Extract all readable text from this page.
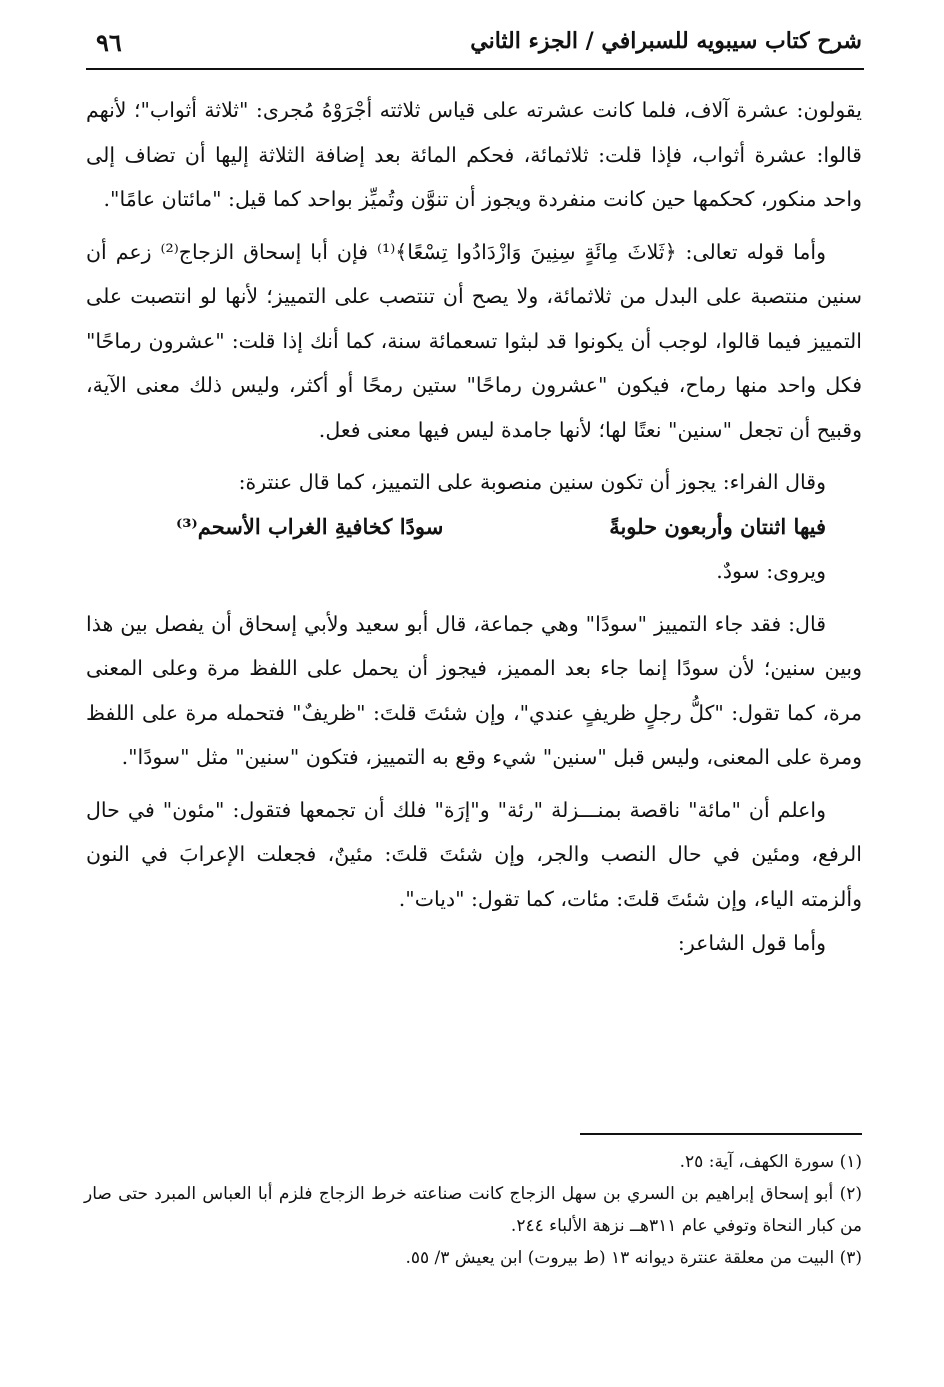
شرح كتاب سيبويه للسبرافي / الجزء الثاني
٩٦

يقولون: عشرة آلاف، فلما كانت عشرته على قياس ثلاثته أجْرَوْهُ مُجرى: "ثلاثة أثواب"؛ لأنهم قالوا: عشرة أثواب، فإذا قلت: ثلاثمائة، فحكم المائة بعد إضافة الثلاثة إليها أن تضاف إلى واحد منكور، كحكمها حين كانت منفردة ويجوز أن تنوَّن وتُميِّز بواحد كما قيل: "مائتان عامًا".

وأما قوله تعالى: ﴿ثَلاثَ مِائَةٍ سِنِينَ وَازْدَادُوا تِسْعًا﴾⁽¹⁾ فإن أبا إسحاق الزجاج⁽²⁾ زعم أن سنين منتصبة على البدل من ثلاثمائة، ولا يصح أن تنتصب على التمييز؛ لأنها لو انتصبت على التمييز فيما قالوا، لوجب أن يكونوا قد لبثوا تسعمائة سنة، كما أنك إذا قلت: "عشرون رماحًا" فكل واحد منها رماح، فيكون "عشرون رماحًا" ستين رمحًا أو أكثر، وليس ذلك معنى الآية، وقبيح أن تجعل "سنين" نعتًا لها؛ لأنها جامدة ليس فيها معنى فعل.

وقال الفراء: يجوز أن تكون سنين منصوبة على التمييز، كما قال عنترة:

فيها اثنتان وأربعون حلوبةً
سودًا كخافيةِ الغراب الأسحم⁽³⁾

ويروى: سودٌ.

قال: فقد جاء التمييز "سودًا" وهي جماعة، قال أبو سعيد ولأبي إسحاق أن يفصل بين هذا وبين سنين؛ لأن سودًا إنما جاء بعد المميز، فيجوز أن يحمل على اللفظ مرة وعلى المعنى مرة، كما تقول: "كلُّ رجلٍ ظريفٍ عندي"، وإن شئتَ قلتَ: "ظريفٌ" فتحمله مرة على اللفظ ومرة على المعنى، وليس قبل "سنين" شيء وقع به التمييز، فتكون "سنين" مثل "سودًا".

واعلم أن "مائة" ناقصة بمنـــزلة "رئة" و"إرَة" فلك أن تجمعها فتقول: "مئون" في حال الرفع، ومئين في حال النصب والجر، وإن شئتَ قلتَ: مئينٌ، فجعلت الإعرابَ في النون وألزمته الياء، وإن شئتَ قلتَ: مئات، كما تقول: "ديات".

وأما قول الشاعر:

(١) سورة الكهف، آية: ٢٥.

(٢) أبو إسحاق إبراهيم بن السري بن سهل الزجاج كانت صناعته خرط الزجاج فلزم أبا العباس المبرد حتى صار من كبار النحاة وتوفي عام ٣١١هــ نزهة الألباء ٢٤٤.

(٣) البيت من معلقة عنترة ديوانه ١٣ (ط بيروت) ابن يعيش ٣/ ٥٥.
